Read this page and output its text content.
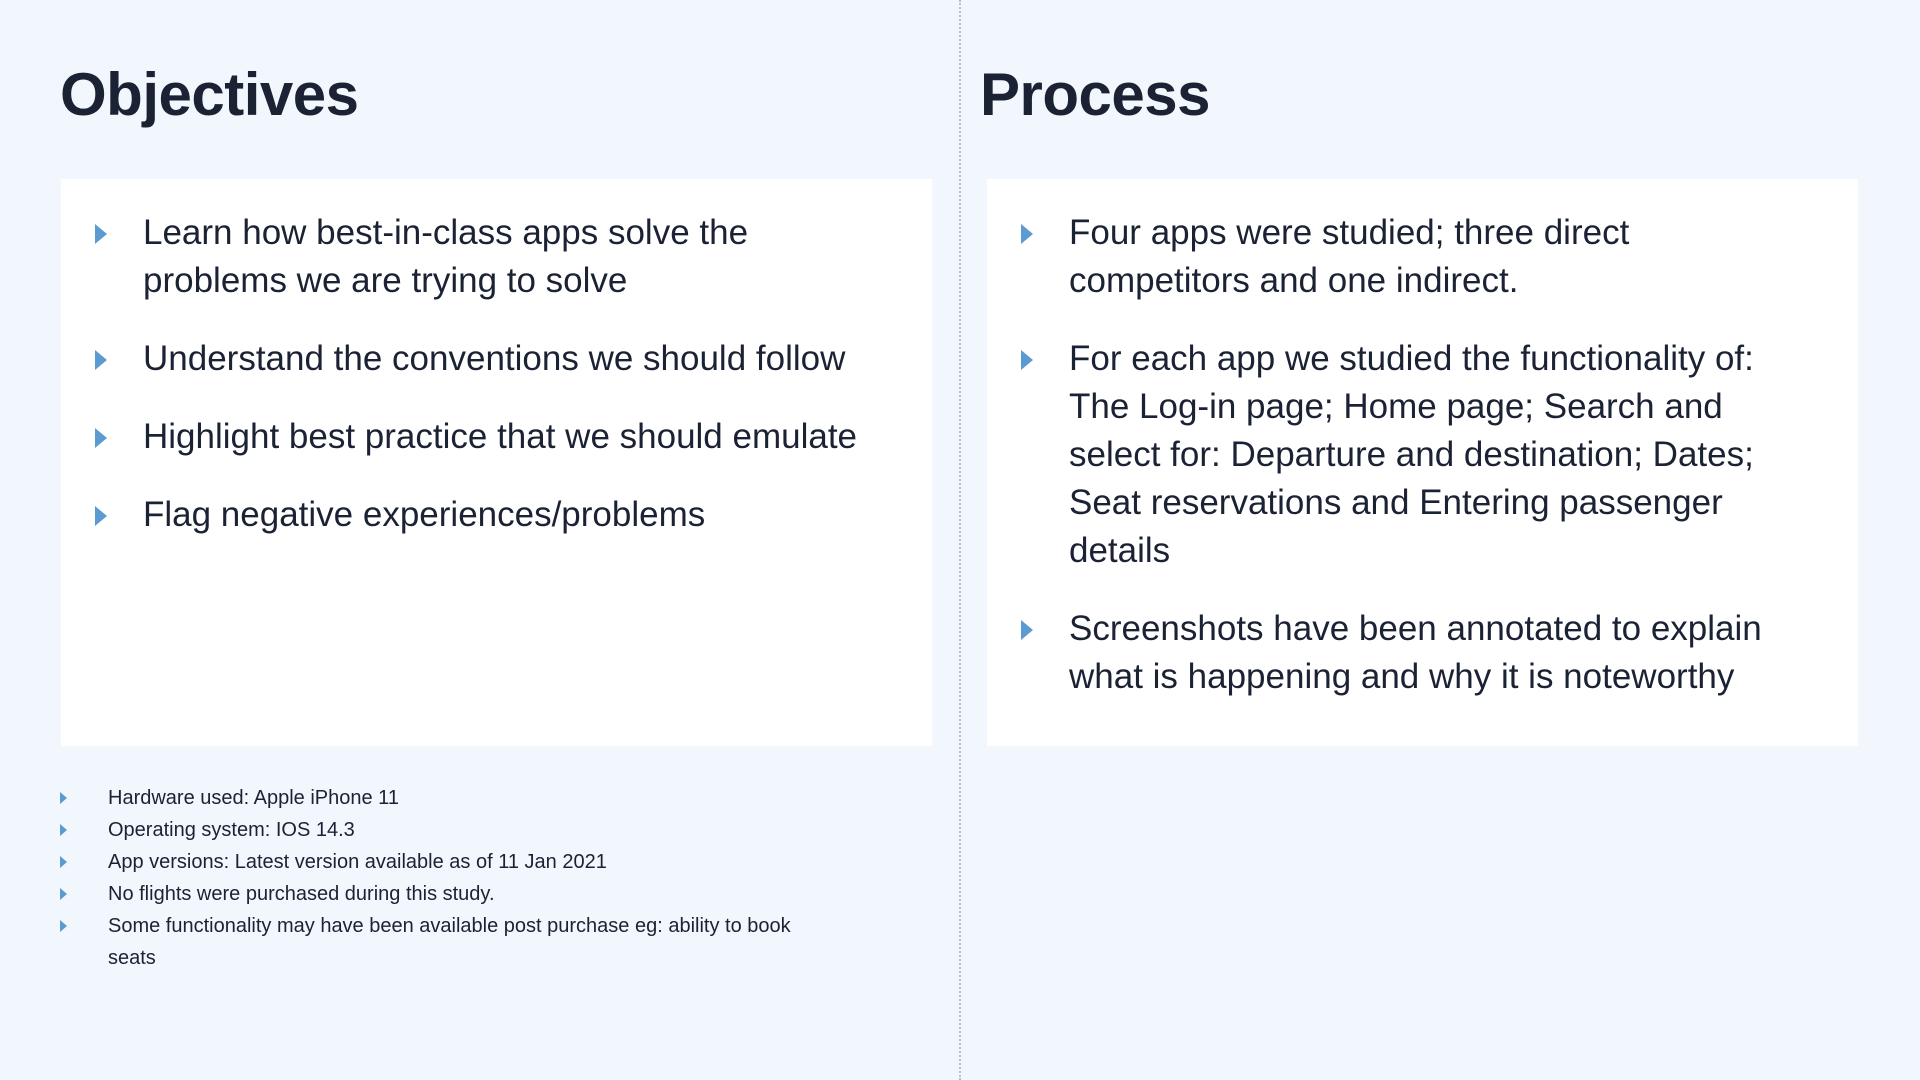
Objectives
Learn how best-in-class apps solve the problems we are trying to solve
Understand the conventions we should follow
Highlight best practice that we should emulate
Flag negative experiences/problems
Process
Four apps were studied; three direct competitors and one indirect.
For each app we studied the functionality of: The Log-in page; Home page; Search and select for: Departure and destination; Dates; Seat reservations and Entering passenger details
Screenshots have been annotated to explain what is happening and why it is noteworthy
Hardware used: Apple iPhone 11
Operating system: IOS 14.3
App versions: Latest version available as of 11 Jan 2021
No flights were purchased during this study.
Some functionality may have been available post purchase eg: ability to book seats
